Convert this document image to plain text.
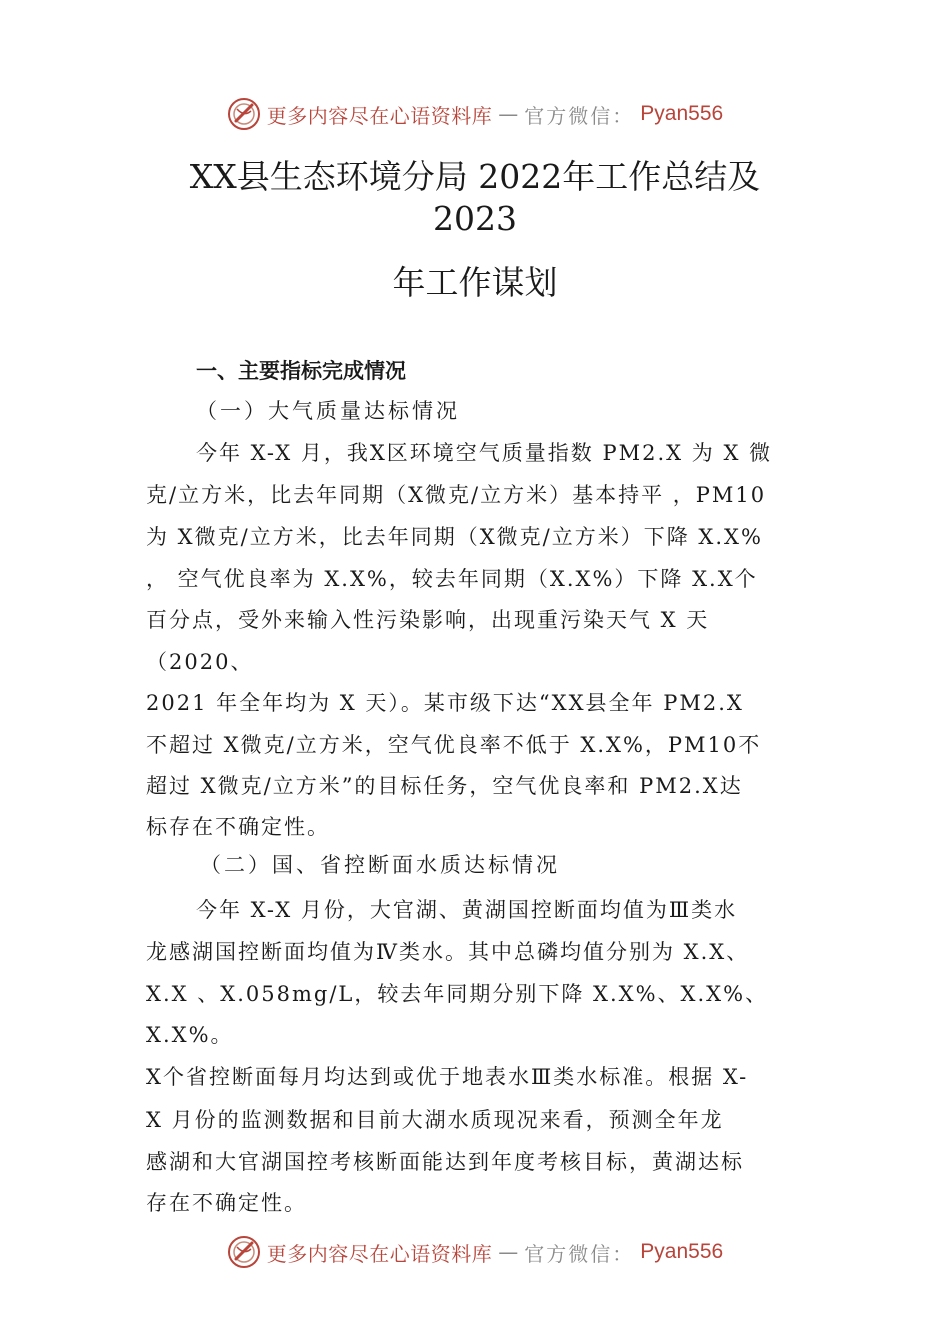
更多内容尽在心语资料库 — 官方微信： Pyan556
XX县生态环境分局 2022年工作总结及
2023
年工作谋划
一、主要指标完成情况
（一）大气质量达标情况
今年 X-X 月，我X区环境空气质量指数 PM2.X 为 X 微
克/立方米，比去年同期（X微克/立方米）基本持平 ，PM10
为 X微克/立方米，比去年同期（X微克/立方米）下降 X.X%
， 空气优良率为 X.X%，较去年同期（X.X%）下降 X.X个
百分点，受外来输入性污染影响，出现重污染天气 X 天
（2020、
2021 年全年均为 X 天）。某市级下达“XX县全年 PM2.X
不超过 X微克/立方米，空气优良率不低于 X.X%，PM10不
超过 X微克/立方米”的目标任务，空气优良率和 PM2.X达
标存在不确定性。
（二）国、省控断面水质达标情况
今年 X-X 月份，大官湖、黄湖国控断面均值为Ⅲ类水
龙感湖国控断面均值为Ⅳ类水。其中总磷均值分别为 X.X、
X.X 、X.058mg/L，较去年同期分别下降 X.X%、X.X%、
X.X%。
X个省控断面每月均达到或优于地表水Ⅲ类水标准。根据 X-
X 月份的监测数据和目前大湖水质现况来看，预测全年龙
感湖和大官湖国控考核断面能达到年度考核目标，黄湖达标
存在不确定性。
更多内容尽在心语资料库 — 官方微信： Pyan556
